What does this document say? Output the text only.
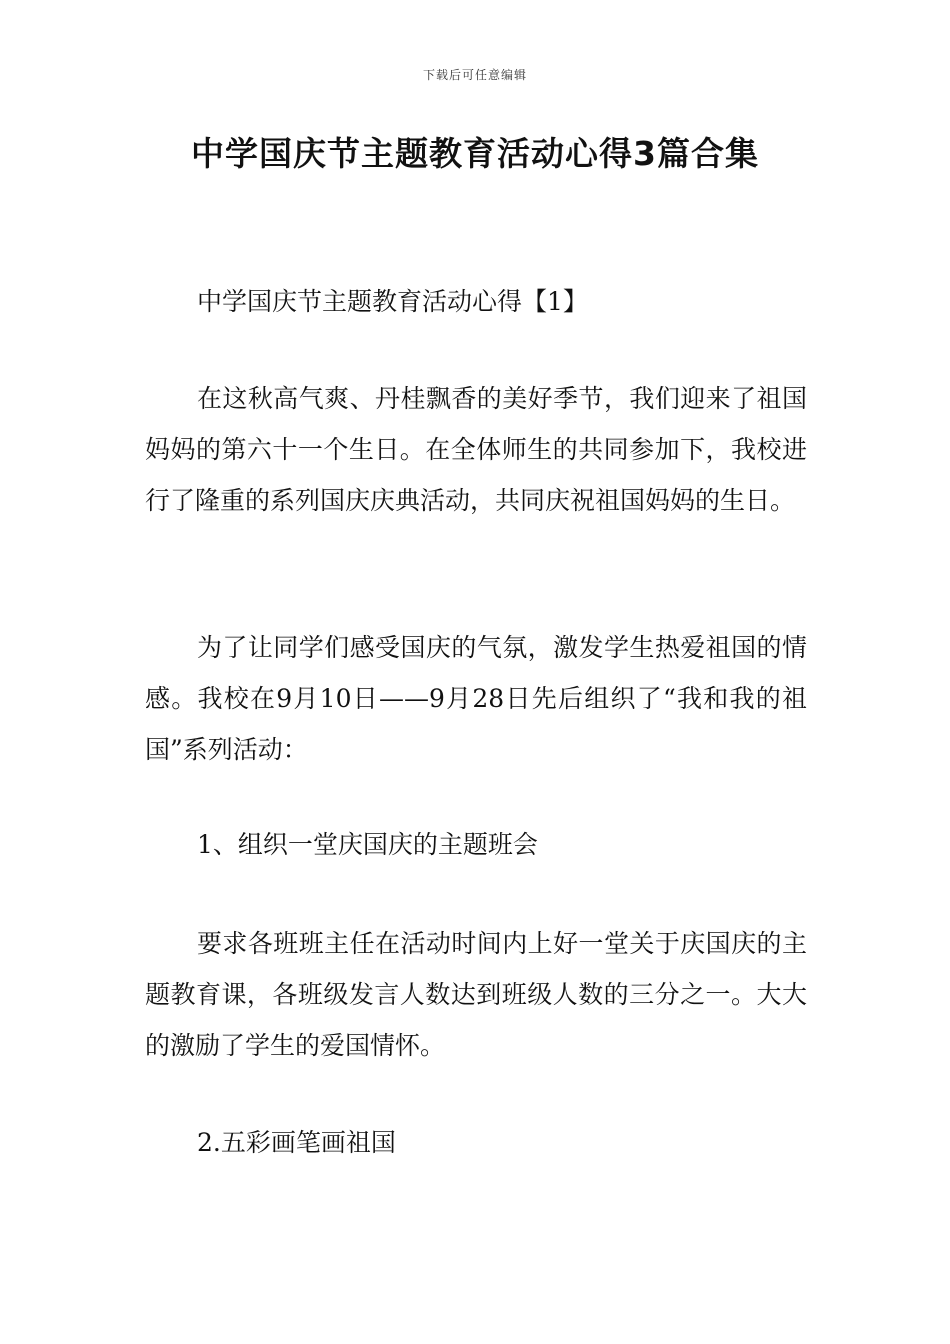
下载后可任意编辑
中学国庆节主题教育活动心得3篇合集

中学国庆节主题教育活动心得【1】

在这秋高气爽、丹桂飘香的美好季节，我们迎来了祖国妈妈的第六十一个生日。在全体师生的共同参加下，我校进行了隆重的系列国庆庆典活动，共同庆祝祖国妈妈的生日。

为了让同学们感受国庆的气氛，激发学生热爱祖国的情感。我校在9月10日——9月28日先后组织了“我和我的祖国”系列活动：

1、组织一堂庆国庆的主题班会

要求各班班主任在活动时间内上好一堂关于庆国庆的主题教育课，各班级发言人数达到班级人数的三分之一。大大的激励了学生的爱国情怀。

2.五彩画笔画祖国
